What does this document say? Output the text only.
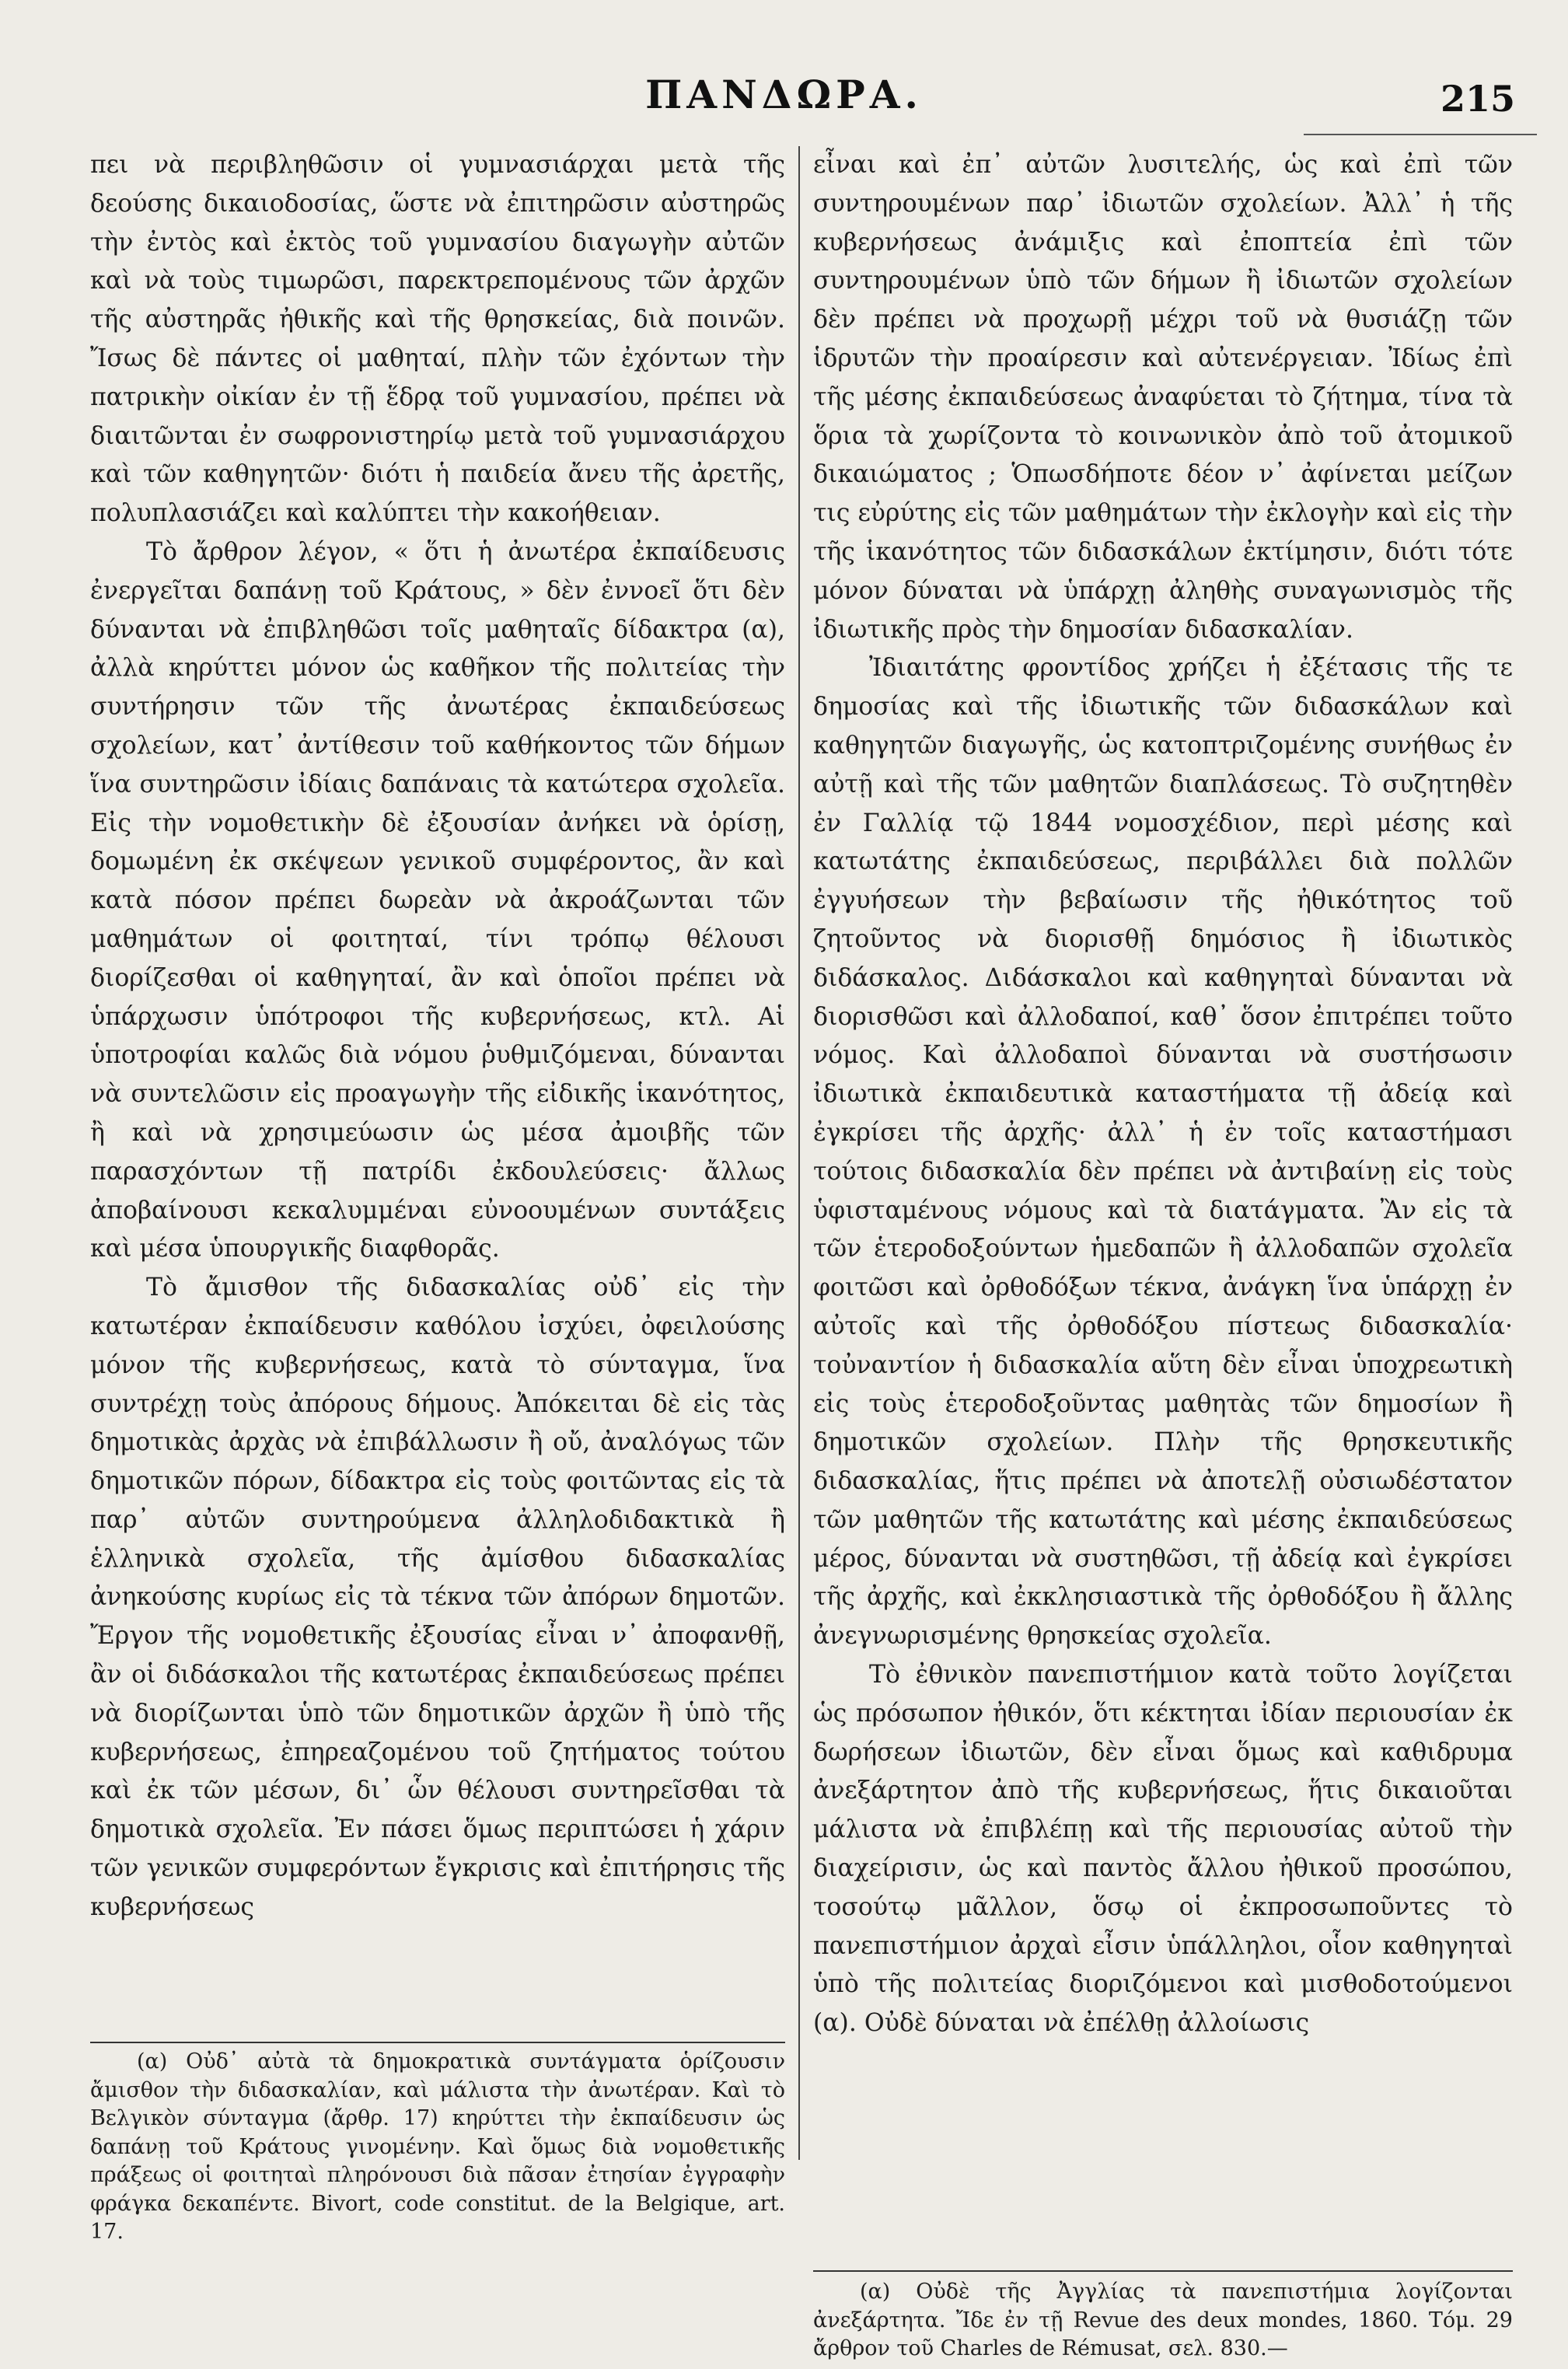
ΠΑΝΔΩΡΑ.	215

πει νὰ περιβληθῶσιν οἱ γυμνασιάρχαι μετὰ τῆς δεούσης δικαιοδοσίας, ὥστε νὰ ἐπιτηρῶσιν αὐστηρῶς τὴν ἐντὸς καὶ ἐκτὸς τοῦ γυμνασίου διαγωγὴν αὐτῶν καὶ νὰ τοὺς τιμωρῶσι, παρεκτρεπομένους τῶν ἀρχῶν τῆς αὐστηρᾶς ἠθικῆς καὶ τῆς θρησκείας, διὰ ποινῶν. Ἴσως δὲ πάντες οἱ μαθηταί, πλὴν τῶν ἐχόντων τὴν πατρικὴν οἰκίαν ἐν τῇ ἕδρᾳ τοῦ γυμνασίου, πρέπει νὰ διαιτῶνται ἐν σωφρονιστηρίῳ μετὰ τοῦ γυμνασιάρχου καὶ τῶν καθηγητῶν· διότι ἡ παιδεία ἄνευ τῆς ἀρετῆς, πολυπλασιάζει καὶ καλύπτει τὴν κακοήθειαν.

Τὸ ἄρθρον λέγον, « ὅτι ἡ ἀνωτέρα ἐκπαίδευσις ἐνεργεῖται δαπάνῃ τοῦ Κράτους, » δὲν ἐννοεῖ ὅτι δὲν δύνανται νὰ ἐπιβληθῶσι τοῖς μαθηταῖς δίδακτρα (α), ἀλλὰ κηρύττει μόνον ὡς καθῆκον τῆς πολιτείας τὴν συντήρησιν τῶν τῆς ἀνωτέρας ἐκπαιδεύσεως σχολείων, κατ᾽ ἀντίθεσιν τοῦ καθήκοντος τῶν δήμων ἵνα συντηρῶσιν ἰδίαις δαπάναις τὰ κατώτερα σχολεῖα. Εἰς τὴν νομοθετικὴν δὲ ἐξουσίαν ἀνήκει νὰ ὁρίσῃ, δομωμένη ἐκ σκέψεων γενικοῦ συμφέροντος, ἂν καὶ κατὰ πόσον πρέπει δωρεὰν νὰ ἀκροάζωνται τῶν μαθημάτων οἱ φοιτηταί, τίνι τρόπῳ θέλουσι διορίζεσθαι οἱ καθηγηταί, ἂν καὶ ὁποῖοι πρέπει νὰ ὑπάρχωσιν ὑπότροφοι τῆς κυβερνήσεως, κτλ. Αἱ ὑποτροφίαι καλῶς διὰ νόμου ῥυθμιζόμεναι, δύνανται νὰ συντελῶσιν εἰς προαγωγὴν τῆς εἰδικῆς ἱκανότητος, ἢ καὶ νὰ χρησιμεύωσιν ὡς μέσα ἀμοιβῆς τῶν παρασχόντων τῇ πατρίδι ἐκδουλεύσεις· ἄλλως ἀποβαίνουσι κεκαλυμμέναι εὐνοουμένων συντάξεις καὶ μέσα ὑπουργικῆς διαφθορᾶς.

Τὸ ἄμισθον τῆς διδασκαλίας οὐδ᾽ εἰς τὴν κατωτέραν ἐκπαίδευσιν καθόλου ἰσχύει, ὀφειλούσης μόνον τῆς κυβερνήσεως, κατὰ τὸ σύνταγμα, ἵνα συντρέχῃ τοὺς ἀπόρους δήμους. Ἀπόκειται δὲ εἰς τὰς δημοτικὰς ἀρχὰς νὰ ἐπιβάλλωσιν ἢ οὔ, ἀναλόγως τῶν δημοτικῶν πόρων, δίδακτρα εἰς τοὺς φοιτῶντας εἰς τὰ παρ᾽ αὐτῶν συντηρούμενα ἀλληλοδιδακτικὰ ἢ ἑλληνικὰ σχολεῖα, τῆς ἀμίσθου διδασκαλίας ἀνηκούσης κυρίως εἰς τὰ τέκνα τῶν ἀπόρων δημοτῶν. Ἔργον τῆς νομοθετικῆς ἐξουσίας εἶναι ν᾽ ἀποφανθῇ, ἂν οἱ διδάσκαλοι τῆς κατωτέρας ἐκπαιδεύσεως πρέπει νὰ διορίζωνται ὑπὸ τῶν δημοτικῶν ἀρχῶν ἢ ὑπὸ τῆς κυβερνήσεως, ἐπηρεαζομένου τοῦ ζητήματος τούτου καὶ ἐκ τῶν μέσων, δι᾽ ὧν θέλουσι συντηρεῖσθαι τὰ δημοτικὰ σχολεῖα. Ἐν πάσει ὅμως περιπτώσει ἡ χάριν τῶν γενικῶν συμφερόντων ἔγκρισις καὶ ἐπιτήρησις τῆς κυβερνήσεως

εἶναι καὶ ἐπ᾽ αὐτῶν λυσιτελής, ὡς καὶ ἐπὶ τῶν συντηρουμένων παρ᾽ ἰδιωτῶν σχολείων. Ἀλλ᾽ ἡ τῆς κυβερνήσεως ἀνάμιξις καὶ ἐποπτεία ἐπὶ τῶν συντηρουμένων ὑπὸ τῶν δήμων ἢ ἰδιωτῶν σχολείων δὲν πρέπει νὰ προχωρῇ μέχρι τοῦ νὰ θυσιάζῃ τῶν ἱδρυτῶν τὴν προαίρεσιν καὶ αὐτενέργειαν. Ἰδίως ἐπὶ τῆς μέσης ἐκπαιδεύσεως ἀναφύεται τὸ ζήτημα, τίνα τὰ ὅρια τὰ χωρίζοντα τὸ κοινωνικὸν ἀπὸ τοῦ ἀτομικοῦ δικαιώματος ; Ὁπωσδήποτε δέον ν᾽ ἀφίνεται μείζων τις εὐρύτης εἰς τῶν μαθημάτων τὴν ἐκλογὴν καὶ εἰς τὴν τῆς ἱκανότητος τῶν διδασκάλων ἐκτίμησιν, διότι τότε μόνον δύναται νὰ ὑπάρχῃ ἀληθὴς συναγωνισμὸς τῆς ἰδιωτικῆς πρὸς τὴν δημοσίαν διδασκαλίαν.

Ἰδιαιτάτης φροντίδος χρήζει ἡ ἐξέτασις τῆς τε δημοσίας καὶ τῆς ἰδιωτικῆς τῶν διδασκάλων καὶ καθηγητῶν διαγωγῆς, ὡς κατοπτριζομένης συνήθως ἐν αὐτῇ καὶ τῆς τῶν μαθητῶν διαπλάσεως. Τὸ συζητηθὲν ἐν Γαλλίᾳ τῷ 1844 νομοσχέδιον, περὶ μέσης καὶ κατωτάτης ἐκπαιδεύσεως, περιβάλλει διὰ πολλῶν ἐγγυήσεων τὴν βεβαίωσιν τῆς ἠθικότητος τοῦ ζητοῦντος νὰ διορισθῇ δημόσιος ἢ ἰδιωτικὸς διδάσκαλος. Διδάσκαλοι καὶ καθηγηταὶ δύνανται νὰ διορισθῶσι καὶ ἀλλοδαποί, καθ᾽ ὅσον ἐπιτρέπει τοῦτο νόμος. Καὶ ἀλλοδαποὶ δύνανται νὰ συστήσωσιν ἰδιωτικὰ ἐκπαιδευτικὰ καταστήματα τῇ ἀδείᾳ καὶ ἐγκρίσει τῆς ἀρχῆς· ἀλλ᾽ ἡ ἐν τοῖς καταστήμασι τούτοις διδασκαλία δὲν πρέπει νὰ ἀντιβαίνῃ εἰς τοὺς ὑφισταμένους νόμους καὶ τὰ διατάγματα. Ἂν εἰς τὰ τῶν ἑτεροδοξούντων ἡμεδαπῶν ἢ ἀλλοδαπῶν σχολεῖα φοιτῶσι καὶ ὀρθοδόξων τέκνα, ἀνάγκη ἵνα ὑπάρχῃ ἐν αὐτοῖς καὶ τῆς ὀρθοδόξου πίστεως διδασκαλία· τοὐναντίον ἡ διδασκαλία αὕτη δὲν εἶναι ὑποχρεωτικὴ εἰς τοὺς ἑτεροδοξοῦντας μαθητὰς τῶν δημοσίων ἢ δημοτικῶν σχολείων. Πλὴν τῆς θρησκευτικῆς διδασκαλίας, ἥτις πρέπει νὰ ἀποτελῇ οὐσιωδέστατον τῶν μαθητῶν τῆς κατωτάτης καὶ μέσης ἐκπαιδεύσεως μέρος, δύνανται νὰ συστηθῶσι, τῇ ἀδείᾳ καὶ ἐγκρίσει τῆς ἀρχῆς, καὶ ἐκκλησιαστικὰ τῆς ὀρθοδόξου ἢ ἄλλης ἀνεγνωρισμένης θρησκείας σχολεῖα.

Τὸ ἐθνικὸν πανεπιστήμιον κατὰ τοῦτο λογίζεται ὡς πρόσωπον ἠθικόν, ὅτι κέκτηται ἰδίαν περιουσίαν ἐκ δωρήσεων ἰδιωτῶν, δὲν εἶναι ὅμως καὶ καθιδρυμα ἀνεξάρτητον ἀπὸ τῆς κυβερνήσεως, ἥτις δικαιοῦται μάλιστα νὰ ἐπιβλέπῃ καὶ τῆς περιουσίας αὐτοῦ τὴν διαχείρισιν, ὡς καὶ παντὸς ἄλλου ἠθικοῦ προσώπου, τοσούτῳ μᾶλλον, ὅσῳ οἱ ἐκπροσωποῦντες τὸ πανεπιστήμιον ἀρχαὶ εἶσιν ὑπάλληλοι, οἷον καθηγηταὶ ὑπὸ τῆς πολιτείας διοριζόμενοι καὶ μισθοδοτούμενοι (α). Οὐδὲ δύναται νὰ ἐπέλθῃ ἀλλοίωσις

(α) Οὐδ᾽ αὐτὰ τὰ δημοκρατικὰ συντάγματα ὁρίζουσιν ἄμισθον τὴν διδασκαλίαν, καὶ μάλιστα τὴν ἀνωτέραν. Καὶ τὸ Βελγικὸν σύνταγμα (ἄρθρ. 17) κηρύττει τὴν ἐκπαίδευσιν ὡς δαπάνῃ τοῦ Κράτους γινομένην. Καὶ ὅμως διὰ νομοθετικῆς πράξεως οἱ φοιτηταὶ πληρόνουσι διὰ πᾶσαν ἐτησίαν ἐγγραφὴν φράγκα δεκαπέντε. Bivort, code constitut. de la Belgique, art. 17.

(α) Οὐδὲ τῆς Ἀγγλίας τὰ πανεπιστήμια λογίζονται ἀνεξάρτητα. Ἴδε ἐν τῇ Revue des deux mondes, 1860. Τόμ. 29 ἄρθρον τοῦ Charles de Rémusat, σελ. 830.—
